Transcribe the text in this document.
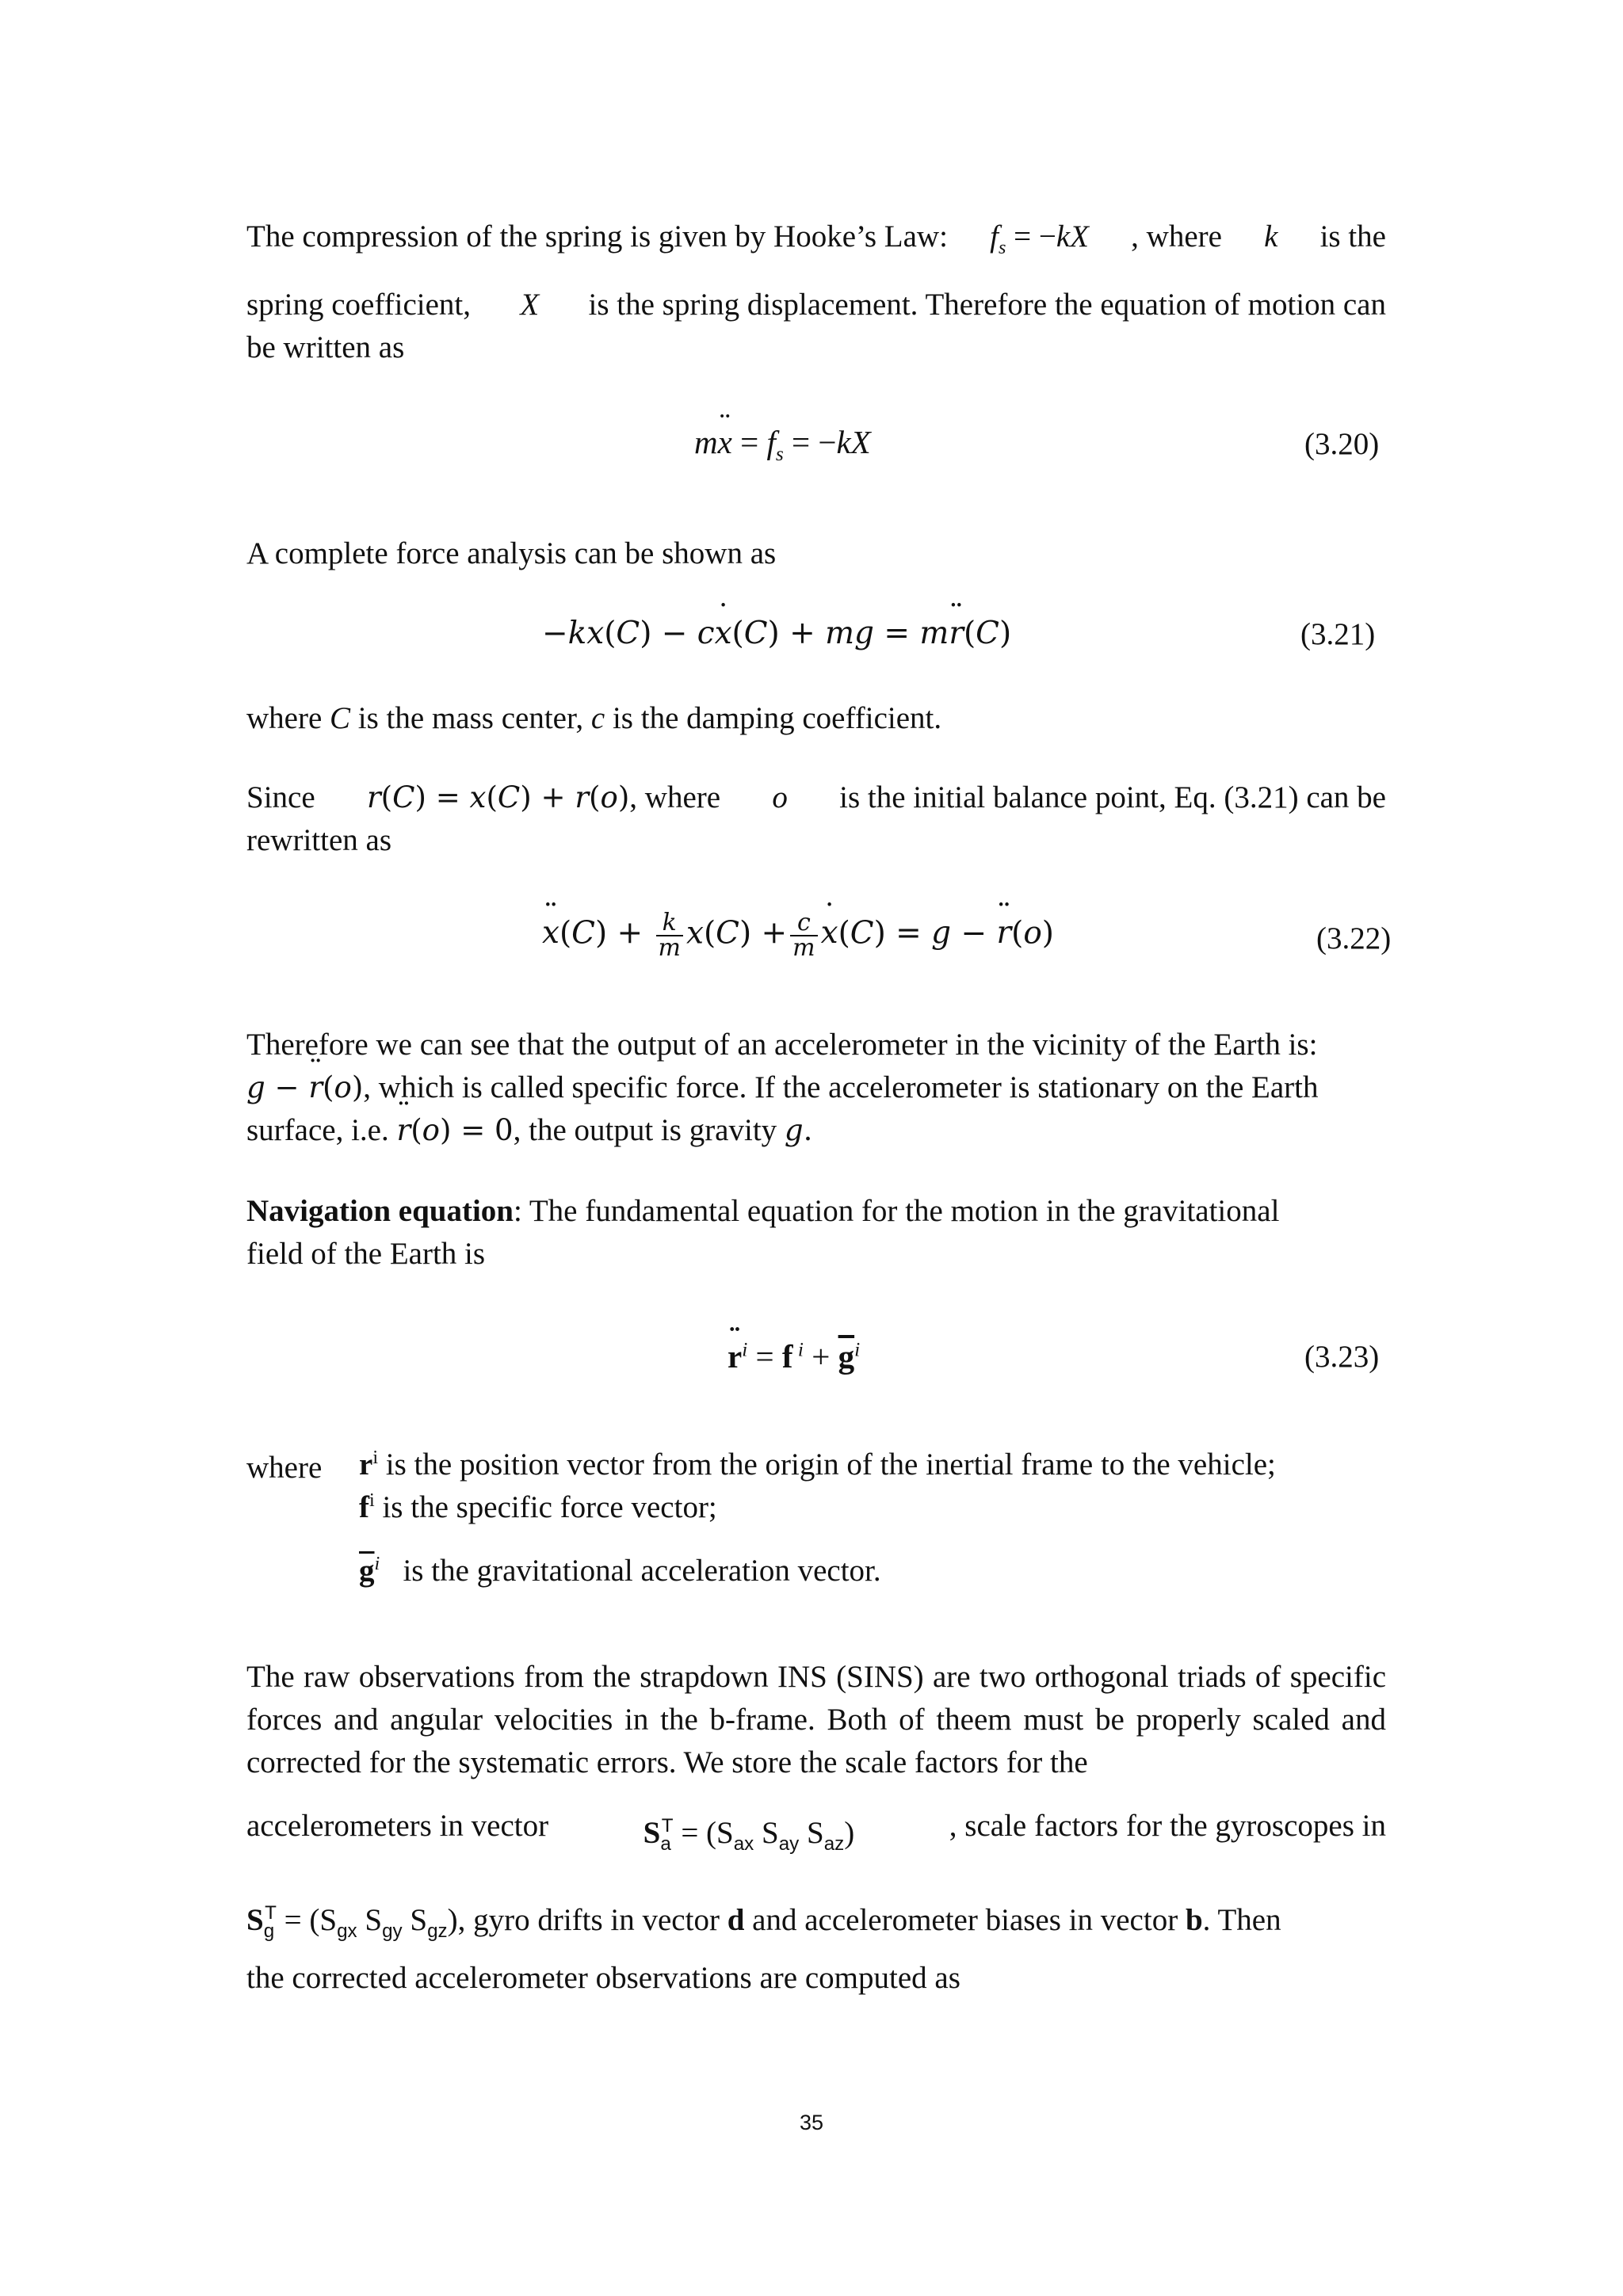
The compression of the spring is given by Hooke’s Law: $f_s = -kX$ , where k is the
spring coefficient, X is the spring displacement. Therefore the equation of motion can
be written as
m¨ $x = f_s = -kX$	(3.20)
A complete force analysis can be shown as
−kx(C) − c˙ x(C) + mg = m¨ r(C)	(3.21)
where C is the mass center, c is the damping coefficient.
Since r(C) = x(C) + r(o), where o is the initial balance point, Eq. (3.21) can be
rewritten as
¨ $x(C) + \frac{k}{m} x(C) + \frac{c}{m}$ ˙ x(C) = g − ¨ r(o)	(3.22)
Therefore we can see that the output of an accelerometer in the vicinity of the Earth is:
g − ¨ r(o), which is called specific force. If the accelerometer is stationary on the Earth
surface, i.e. ¨ r(o) = 0, the output is gravity g.
Navigation equation: The fundamental equation for the motion in the gravitational
field of the Earth is
¨ $r^i = f$ $^i + \overline{g}^i$	(3.23)
where	$r^i$ is the position vector from the origin of the inertial frame to the vehicle;
$f^i$ is the specific force vector;
$\overline{g}^i$ is the gravitational acceleration vector.
The raw observations from the strapdown INS (SINS) are two orthogonal triads of specific forces and angular velocities in the b-frame. Both of theem must be properly scaled and corrected for the systematic errors. We store the scale factors for the
accelerometers in vector	$S_a^T = (S_{ax}$ $S_{ay}$ $S_{az}$)	, scale factors for the gyroscopes in
$S_g^T = (S_{gx}$ $S_{gy}$ $S_{gz}$), gyro drifts in vector d and accelerometer biases in vector b. Then
the corrected accelerometer observations are computed as
35
